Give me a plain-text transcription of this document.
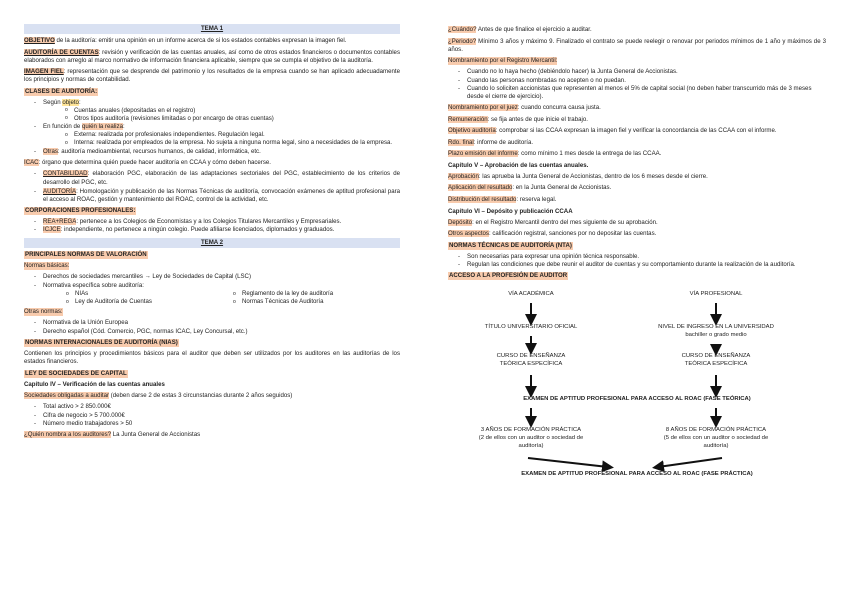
TEMA 1
OBJETIVO de la auditoría: emitir una opinión en un informe acerca de si los estados contables expresan la imagen fiel.
AUDITORÍA DE CUENTAS: revisión y verificación de las cuentas anuales, así como de otros estados financieros o documentos contables elaborados con arreglo al marco normativo de información financiera aplicable, siempre que se cumpla el objetivo de la auditoría.
IMAGEN FIEL: representación que se desprende del patrimonio y los resultados de la empresa cuando se han aplicado adecuadamente los principios y normas de contabilidad.
CLASES DE AUDITORÍA:
- Según objeto:
o Cuentas anuales (depositadas en el registro)
o Otros tipos auditoría (revisiones limitadas o por encargo de otras cuentas)
- En función de quién la realiza:
o Externa: realizada por profesionales independientes. Regulación legal.
o Interna: realizada por empleados de la empresa. No sujeta a ninguna norma legal, sino a necesidades de la empresa.
- Otras: auditoría medioambiental, recursos humanos, de calidad, informática, etc.
ICAC: órgano que determina quién puede hacer auditoría en CCAA y cómo deben hacerse.
- CONTABILIDAD: elaboración PGC, elaboración de las adaptaciones sectoriales del PGC, establecimiento de los criterios de desarrollo del PGC, etc.
- AUDITORÍA: Homologación y publicación de las Normas Técnicas de auditoría, convocación exámenes de aptitud profesional para el acceso al ROAC, gestión y mantenimiento del ROAC, control de la actividad, etc.
CORPORACIONES PROFESIONALES:
- REA+REGA: pertenece a los Colegios de Economistas y a los Colegios Titulares Mercantiles y Empresariales.
- ICJCE: independiente, no pertenece a ningún colegio. Puede afiliarse licenciados, diplomados y graduados.
TEMA 2
PRINCIPALES NORMAS DE VALORACIÓN
Normas básicas:
- Derechos de sociedades mercantiles → Ley de Sociedades de Capital (LSC)
- Normativa específica sobre auditoría:
o NIAs	o Reglamento de la ley de auditoría
o Ley de Auditoría de Cuentas	o Normas Técnicas de Auditoría
Otras normas:
- Normativa de la Unión Europea
- Derecho español (Cód. Comercio, PGC, normas ICAC, Ley Concursal, etc.)
NORMAS INTERNACIONALES DE AUDITORÍA (NIAS)
Contienen los principios y procedimientos básicos para el auditor que deben ser utilizados por los auditores en las auditorías de los estados financieros.
LEY DE SOCIEDADES DE CAPITAL
Capítulo IV – Verificación de las cuentas anuales
Sociedades obligadas a auditar (deben darse 2 de estas 3 circunstancias durante 2 años seguidos)
- Total activo > 2 850.000€
- Cifra de negocio > 5 700.000€
- Número medio trabajadores > 50
¿Quién nombra a los auditores? La Junta General de Accionistas
¿Cuándo? Antes de que finalice el ejercicio a auditar.
¿Periodo? Mínimo 3 años y máximo 9. Finalizado el contrato se puede reelegir o renovar por periodos mínimos de 1 año y máximos de 3 años.
Nombramiento por el Registro Mercantil:
- Cuando no lo haya hecho (debiéndolo hacer) la Junta General de Accionistas.
- Cuando las personas nombradas no acepten o no puedan.
- Cuando lo soliciten accionistas que representen al menos el 5% de capital social (no deben haber transcurrido más de 3 meses desde el cierre de ejercicio).
Nombramiento por el juez: cuando concurra causa justa.
Remuneración: se fija antes de que inicie el trabajo.
Objetivo auditoría: comprobar si las CCAA expresan la imagen fiel y verificar la concordancia de las CCAA con el informe.
Rdo. final: informe de auditoría.
Plazo emisión del informe: como mínimo 1 mes desde la entrega de las CCAA.
Capítulo V – Aprobación de las cuentas anuales.
Aprobación: las aprueba la Junta General de Accionistas, dentro de los 6 meses desde el cierre.
Aplicación del resultado: en la Junta General de Accionistas.
Distribución del resultado: reserva legal.
Capítulo VI – Depósito y publicación CCAA
Depósito: en el Registro Mercantil dentro del mes siguiente de su aprobación.
Otros aspectos: calificación registral, sanciones por no depositar las cuentas.
NORMAS TÉCNICAS DE AUDITORÍA (NTA)
- Son necesarias para expresar una opinión técnica responsable.
- Regulan las condiciones que debe reunir el auditor de cuentas y su comportamiento durante la realización de la auditoría.
ACCESO A LA PROFESIÓN DE AUDITOR
VÍA ACADÉMICA	VÍA PROFESIONAL
TÍTULO UNIVERSITARIO OFICIAL	NIVEL DE INGRESO EN LA UNIVERSIDAD
bachiller o grado medio
CURSO DE ENSEÑANZA
TEÓRICA ESPECÍFICA
CURSO DE ENSEÑANZA
TEÓRICA ESPECÍFICA
EXAMEN DE APTITUD PROFESIONAL PARA ACCESO AL ROAC (FASE TEÓRICA)
3 AÑOS DE FORMACIÓN PRÁCTICA
(2 de ellos con un auditor o sociedad de
auditoría)
8 AÑOS DE FORMACIÓN PRÁCTICA
(5 de ellos con un auditor o sociedad de
auditoría)
EXAMEN DE APTITUD PROFESIONAL PARA ACCESO AL ROAC (FASE PRÁCTICA)
